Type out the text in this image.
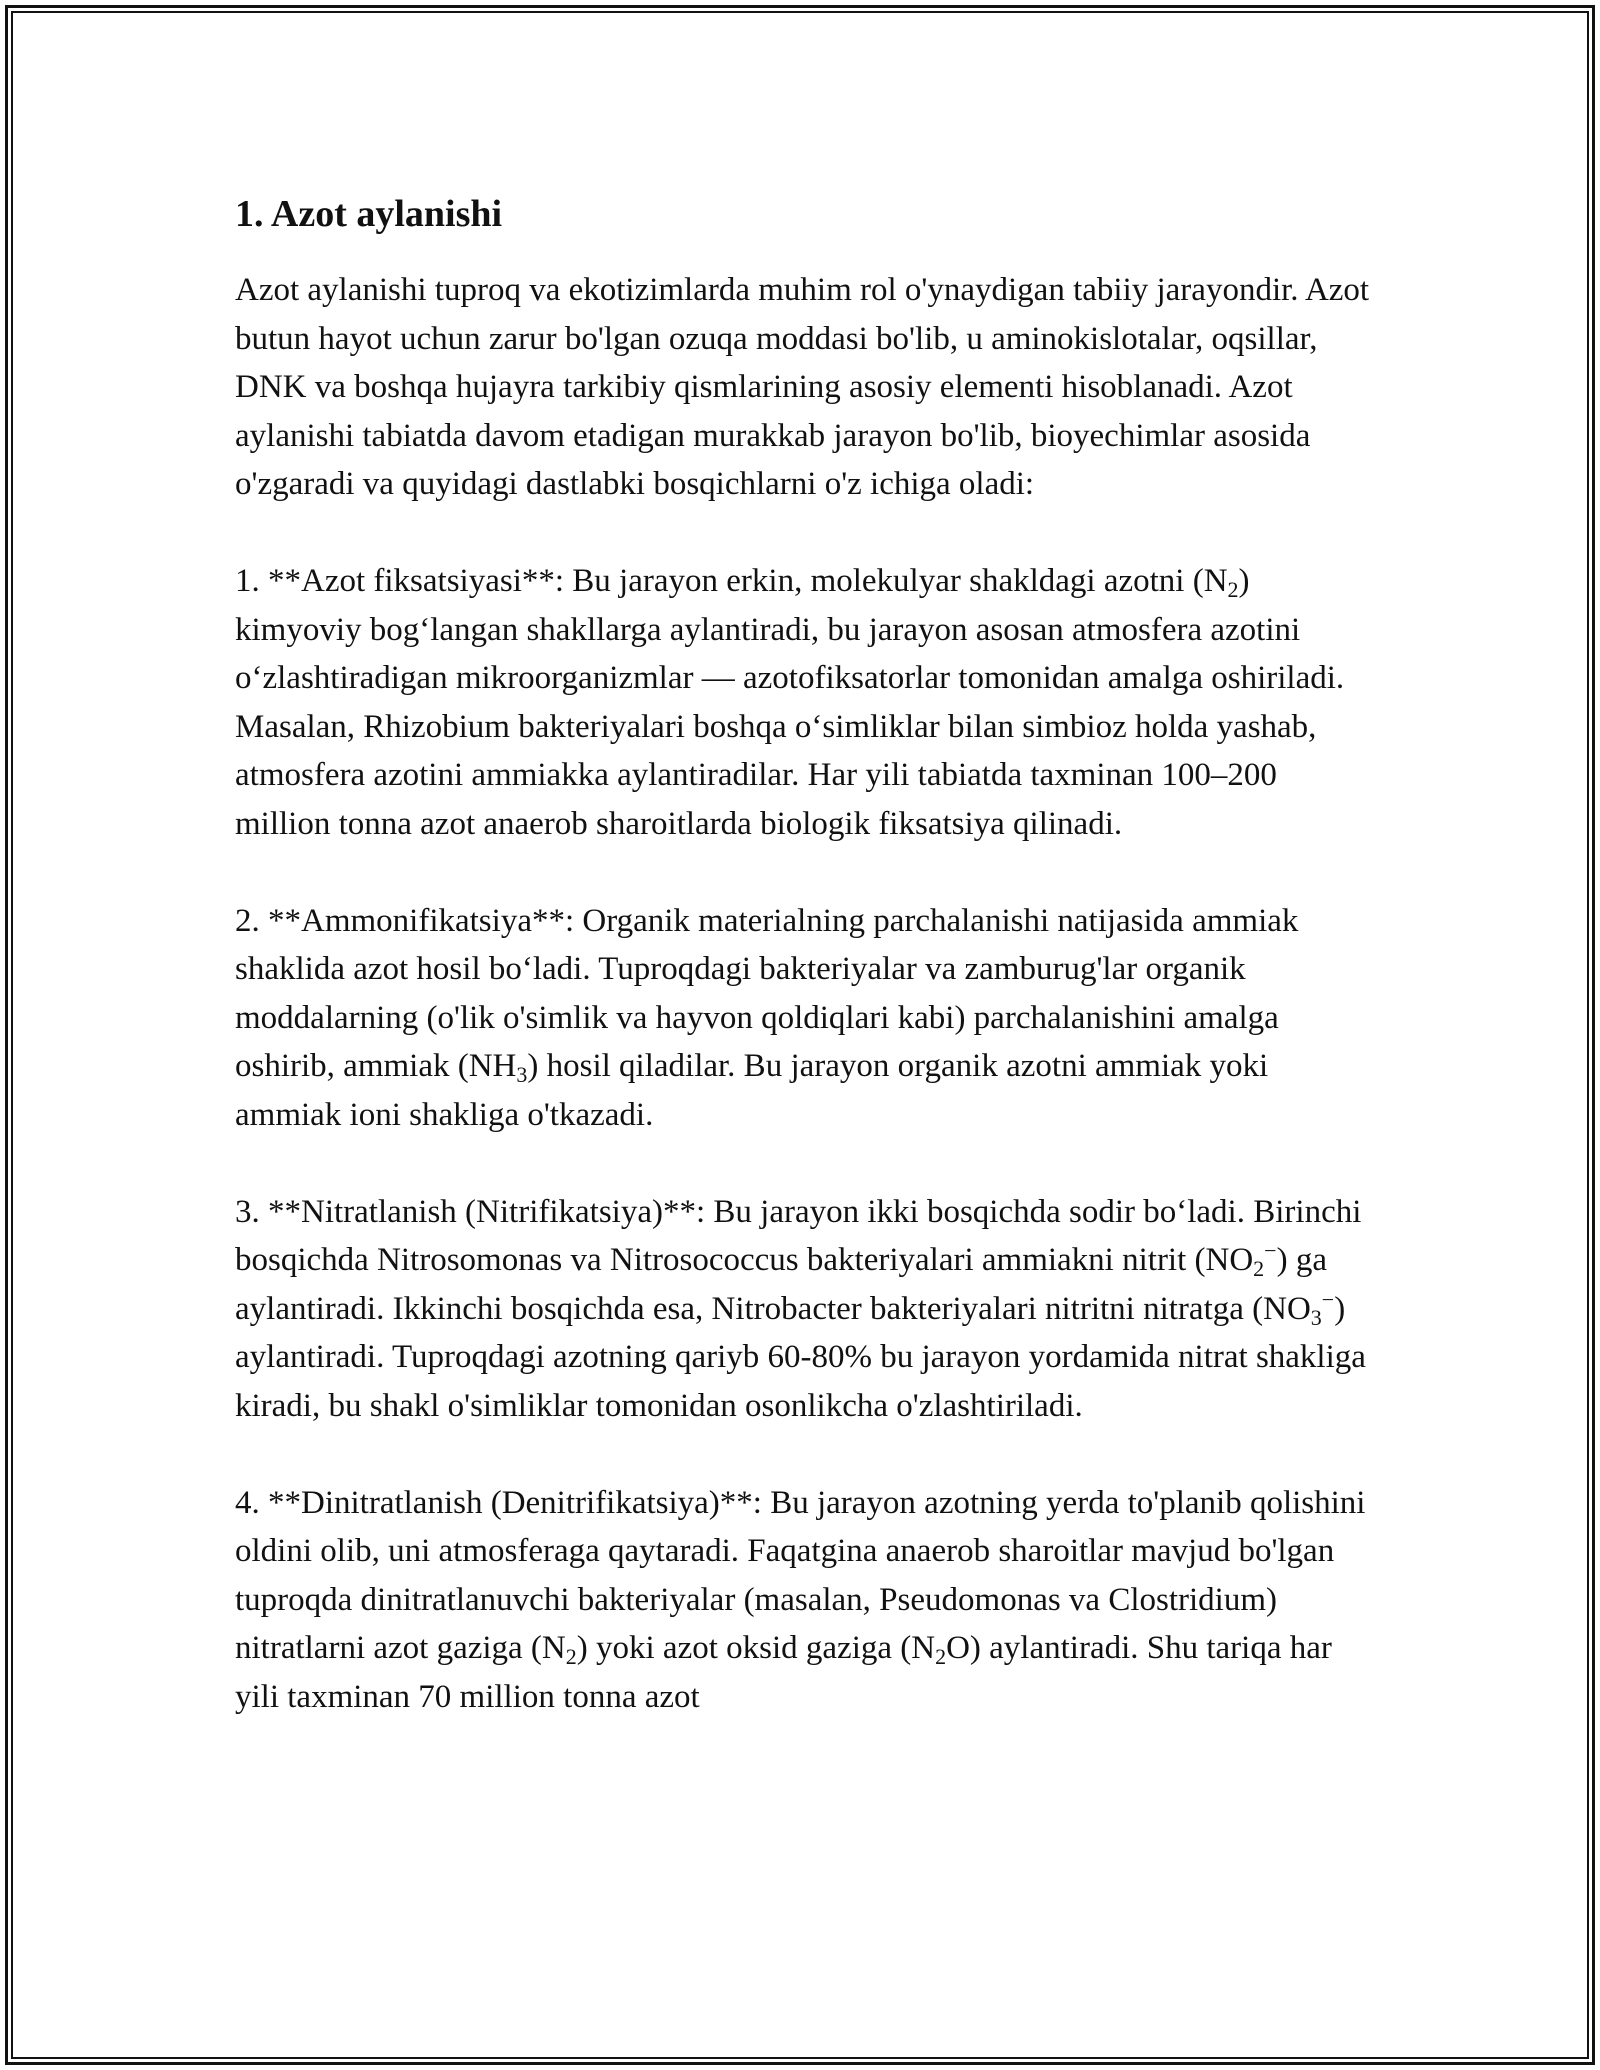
1. Azot aylanishi

Azot aylanishi tuproq va ekotizimlarda muhim rol o'ynaydigan tabiiy jarayondir. Azot butun hayot uchun zarur bo'lgan ozuqa moddasi bo'lib, u aminokislotalar, oqsillar, DNK va boshqa hujayra tarkibiy qismlarining asosiy elementi hisoblanadi. Azot aylanishi tabiatda davom etadigan murakkab jarayon bo'lib, bioyechimlar asosida o'zgaradi va quyidagi dastlabki bosqichlarni o'z ichiga oladi:

1. **Azot fiksatsiyasi**: Bu jarayon erkin, molekulyar shakldagi azotni $(N_2)$ kimyoviy bog‘langan shakllarga aylantiradi, bu jarayon asosan atmosfera azotini o‘zlashtiradigan mikroorganizmlar — azotofiksatorlar tomonidan amalga oshiriladi. Masalan, Rhizobium bakteriyalari boshqa o‘simliklar bilan simbioz holda yashab, atmosfera azotini ammiakka aylantiradilar. Har yili tabiatda taxminan 100–200 million tonna azot anaerob sharoitlarda biologik fiksatsiya qilinadi.

2. **Ammonifikatsiya**: Organik materialning parchalanishi natijasida ammiak shaklida azot hosil bo‘ladi. Tuproqdagi bakteriyalar va zamburug'lar organik moddalarning (o'lik o'simlik va hayvon qoldiqlari kabi) parchalanishini amalga oshirib, ammiak $(NH_3)$ hosil qiladilar. Bu jarayon organik azotni ammiak yoki ammiak ioni shakliga o'tkazadi.

3. **Nitratlanish (Nitrifikatsiya)**: Bu jarayon ikki bosqichda sodir bo‘ladi. Birinchi bosqichda Nitrosomonas va Nitrosococcus bakteriyalari ammiakni nitrit $(NO_2^-)$ ga aylantiradi. Ikkinchi bosqichda esa, Nitrobacter bakteriyalari nitritni nitratga $(NO_3^-)$ aylantiradi. Tuproqdagi azotning qariyb 60-80% bu jarayon yordamida nitrat shakliga kiradi, bu shakl o'simliklar tomonidan osonlikcha o'zlashtiriladi.

4. **Dinitratlanish (Denitrifikatsiya)**: Bu jarayon azotning yerda to'planib qolishini oldini olib, uni atmosferaga qaytaradi. Faqatgina anaerob sharoitlar mavjud bo'lgan tuproqda dinitratlanuvchi bakteriyalar (masalan, Pseudomonas va Clostridium) nitratlarni azot gaziga $(N_2)$ yoki azot oksid gaziga $(N_2O)$ aylantiradi. Shu tariqa har yili taxminan 70 million tonna azot
